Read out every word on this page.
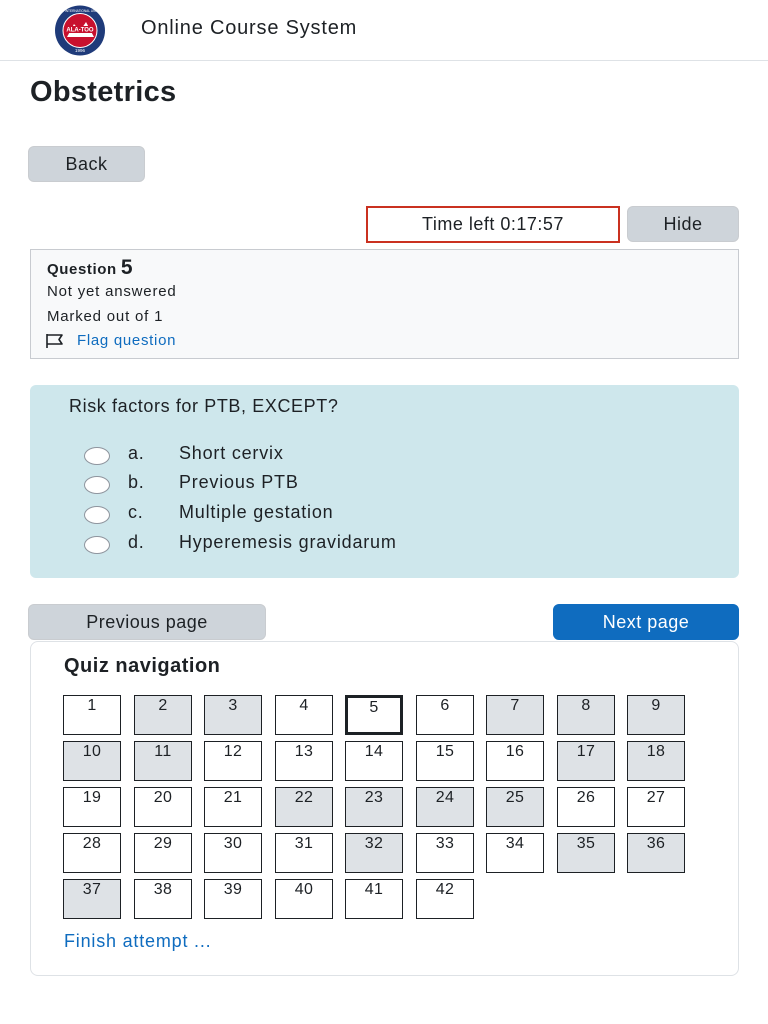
ALA-TOO
1996
ALA-TOO INTERNATIONAL UNIVERSITY
Online Course System
Obstetrics
Back
Time left 0:17:57	Hide
Question 5
Not yet answered
Marked out of 1
Flag question
Risk factors for PTB, EXCEPT?
a.	Short cervix
b.	Previous PTB
c.	Multiple gestation
d.	Hyperemesis gravidarum
Previous page	Next page
Quiz navigation
1	2	3	4	5	6	7	8	9
10	11	12	13	14	15	16	17	18
19	20	21	22	23	24	25	26	27
28	29	30	31	32	33	34	35	36
37	38	39	40	41	42
Finish attempt ...
